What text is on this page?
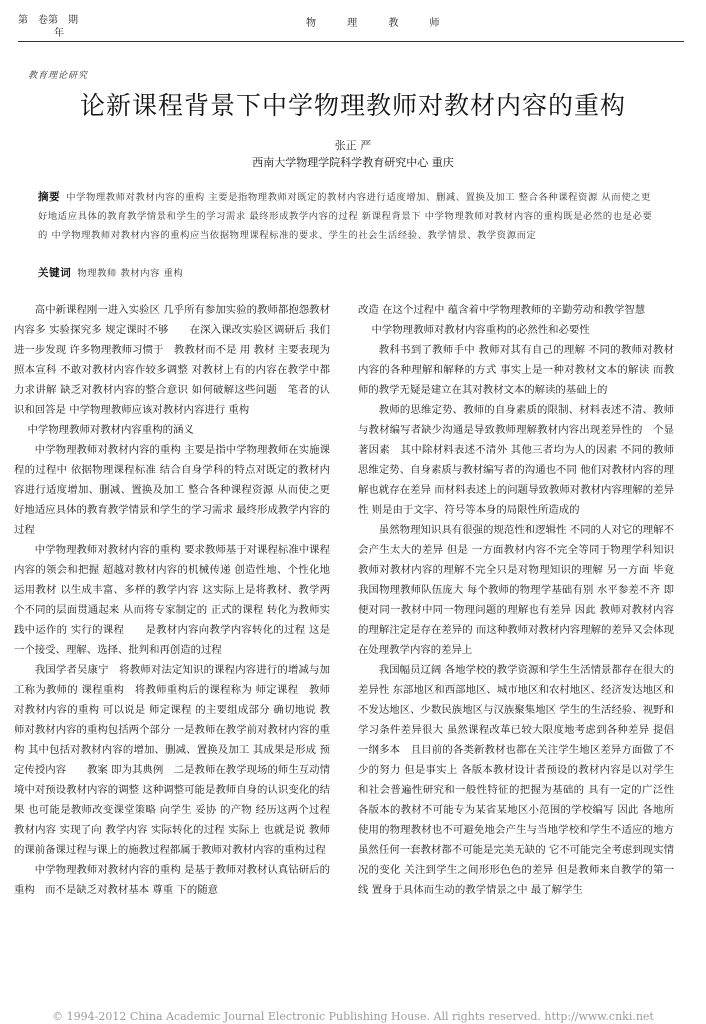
第　卷第　期
年
物 理 教 师
教育理论研究
论新课程背景下中学物理教师对教材内容的重构
张正 严
西南大学物理学院科学教育研究中心 重庆
摘要 中学物理教师对教材内容的重构 主要是指物理教师对既定的教材内容进行适度增加、删减、置换及加工 整合各种课程资源 从而使之更好地适应具体的教育教学情景和学生的学习需求 最终形成教学内容的过程 新课程背景下 中学物理教师对教材内容的重构既是必然的也是必要的 中学物理教师对教材内容的重构应当依据物理课程标准的要求、学生的社会生活经验、教学情景、教学资源而定
关键词 物理教师 教材内容 重构

高中新课程刚一进入实验区 几乎所有参加实验的教师都抱怨教材内容多 实验探究多 规定课时不够　　在深入课改实验区调研后 我们进一步发现 许多物理教师习惯于　教教材而不是 用 教材 主要表现为照本宣科 不敢对教材内容作较多调整 对教材上有的内容在教学中都力求讲解 缺乏对教材内容的整合意识 如何破解这些问题　笔者的认识和回答是 中学物理教师应该对教材内容进行 重构

中学物理教师对教材内容重构的涵义

中学物理教师对教材内容的重构 主要是指中学物理教师在实施课程的过程中 依据物理课程标准 结合自身学科的特点对既定的教材内容进行适度增加、删减、置换及加工 整合各种课程资源 从而使之更好地适应具体的教育教学情景和学生的学习需求 最终形成教学内容的过程

中学物理教师对教材内容的重构 要求教师基于对课程标准中课程内容的领会和把握 超越对教材内容的机械传递 创造性地、个性化地运用教材 以生成丰富、多样的教学内容 这实际上是将教材、教学两个不同的层面贯通起来 从而将专家制定的 正式的课程 转化为教师实践中运作的 实行的课程　　是教材内容向教学内容转化的过程 这是一个接受、理解、选择、批判和再创造的过程

我国学者吴康宁　将教师对法定知识的课程内容进行的增减与加工称为教师的 课程重构　将教师重构后的课程称为 师定课程　教师对教材内容的重构 可以说是 师定课程 的主要组成部分 确切地说 教师对教材内容的重构包括两个部分 一是教师在教学前对教材内容的重构 其中包括对教材内容的增加、删减、置换及加工 其成果是形成 预定传授内容　　教案 即为其典例　二是教师在教学现场的师生互动情境中对预设教材内容的调整 这种调整可能是教师自身的认识变化的结果 也可能是教师改变课堂策略 向学生 妥协 的产物 经历这两个过程　教材内容 实现了向 教学内容 实际转化的过程 实际上 也就是说 教师的课前备课过程与课上的施教过程都属于教师对教材内容的重构过程

中学物理教师对教材内容的重构 是基于教师对教材认真钻研后的 重构　而不是缺乏对教材基本 尊重 下的随意

改造 在这个过程中 蕴含着中学物理教师的辛勤劳动和教学智慧

中学物理教师对教材内容重构的必然性和必要性

教科书到了教师手中 教师对其有自己的理解 不同的教师对教材内容的各种理解和解释的方式 事实上是一种对教材文本的解读 而教师的教学无疑是建立在其对教材文本的解读的基础上的

教师的思维定势、教师的自身素质的限制、材料表述不清、教师与教材编写者缺少沟通是导致教师理解教材内容出现差异性的　个显著因素　其中除材料表述不清外 其他三者均为人的因素 不同的教师思维定势、自身素质与教材编写者的沟通也不同 他们对教材内容的理解也就存在差异 而材料表述上的问题导致教师对教材内容理解的差异性 则是由于文字、符号等本身的局限性所造成的

虽然物理知识具有很强的规范性和逻辑性 不同的人对它的理解不会产生太大的差异 但是 一方面教材内容不完全等同于物理学科知识 教师对教材内容的理解不完全只是对物理知识的理解 另一方面 毕竟我国物理教师队伍庞大 每个教师的物理学基础有别 水平参差不齐 即便对同一教材中同一物理问题的理解也有差异 因此 教师对教材内容的理解注定是存在差异的 而这种教师对教材内容理解的差异又会体现在处理教学内容的差异上

我国幅员辽阔 各地学校的教学资源和学生生活情景都存在很大的差异性 东部地区和西部地区、城市地区和农村地区、经济发达地区和不发达地区、少数民族地区与汉族聚集地区 学生的生活经验、视野和学习条件差异很大 虽然课程改革已较大限度地考虑到各种差异 提倡 一纲多本　且目前的各类新教材也都在关注学生地区差异方面做了不少的努力 但是事实上 各版本教材设计者预设的教材内容是以对学生和社会普遍性研究和一般性特征的把握为基础的 具有一定的广泛性 各版本的教材不可能专为某省某地区小范围的学校编写 因此 各地所使用的物理教材也不可避免地会产生与当地学校和学生不适应的地方 虽然任何一套教材都不可能是完美无缺的 它不可能完全考虑到现实情况的变化 关注到学生之间形形色色的差异 但是教师来自教学的第一线 置身于具体而生动的教学情景之中 最了解学生

© 1994-2012 China Academic Journal Electronic Publishing House. All rights reserved. http://www.cnki.net
